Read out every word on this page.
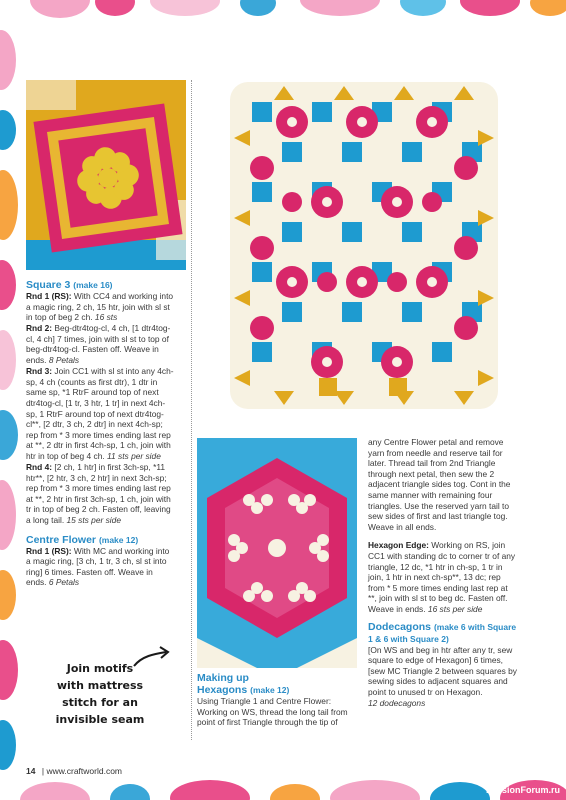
Square 3 (make 16)

Rnd 1 (RS): With CC4 and working into a magic ring, 2 ch, 15 htr, join with sl st in top of beg 2 ch. 16 sts

Rnd 2: Beg-dtr4tog-cl, 4 ch, [1 dtr4tog-cl, 4 ch] 7 times, join with sl st to top of beg-dtr4tog-cl. Fasten off. Weave in ends. 8 Petals

Rnd 3: Join CC1 with sl st into any 4ch-sp, 4 ch (counts as first dtr), 1 dtr in same sp, *1 RtrF around top of next dtr4tog-cl, [1 tr, 3 htr, 1 tr] in next 4ch-sp, 1 RtrF around top of next dtr4tog-cl**, [2 dtr, 3 ch, 2 dtr] in next 4ch-sp; rep from * 3 more times ending last rep at **, 2 dtr in first 4ch-sp, 1 ch, join with htr in top of beg 4 ch. 11 sts per side

Rnd 4: [2 ch, 1 htr] in first 3ch-sp, *11 htr**, [2 htr, 3 ch, 2 htr] in next 3ch-sp; rep from * 3 more times ending last rep at **, 2 htr in first 3ch-sp, 1 ch, join with tr in top of beg 2 ch. Fasten off, leaving a long tail. 15 sts per side

Centre Flower (make 12)

Rnd 1 (RS): With MC and working into a magic ring, [3 ch, 1 tr, 3 ch, sl st into ring] 6 times. Fasten off. Weave in ends. 6 Petals

Join motifs
with mattress
stitch for an
invisible seam
Making up
Hexagons (make 12)

Using Triangle 1 and Centre Flower: Working on WS, thread the long tail from point of first Triangle through the tip of

any Centre Flower petal and remove yarn from needle and reserve tail for later. Thread tail from 2nd Triangle through next petal, then sew the 2 adjacent triangle sides tog. Cont in the same manner with remaining four triangles. Use the reserved yarn tail to sew sides of first and last triangle tog. Weave in all ends.

Hexagon Edge: Working on RS, join CC1 with standing dc to corner tr of any triangle, 12 dc, *1 htr in ch-sp, 1 tr in join, 1 htr in next ch-sp**, 13 dc; rep from * 5 more times ending last rep at **, join with sl st to beg dc. Fasten off. Weave in ends. 16 sts per side

Dodecagons (make 6 with Square 1 & 6 with Square 2)

[On WS and beg in htr after any tr, sew square to edge of Hexagon] 6 times, [sew MC Triangle 2 between squares by sewing sides to adjacent squares and point to unused tr on Hexagon.

12 dodecagons

14 | www.craftworld.com
PassionForum.ru
